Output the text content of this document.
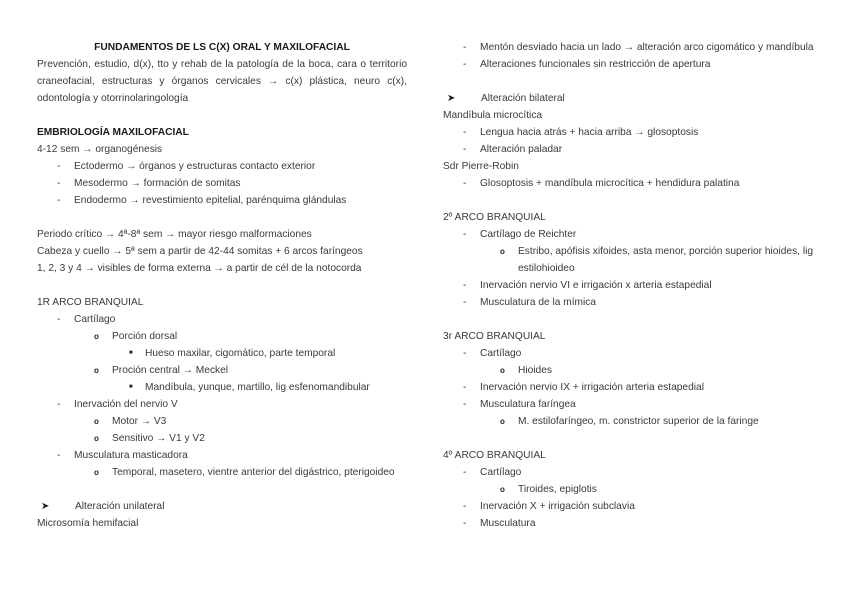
FUNDAMENTOS DE LS C(X) ORAL Y MAXILOFACIAL
Prevención, estudio, d(x), tto y rehab de la patología de la boca, cara o territorio craneofacial, estructuras y órganos cervicales → c(x) plástica, neuro c(x), odontología y otorrinolaringología
EMBRIOLOGÍA MAXILOFACIAL
4-12 sem → organogénesis
-	Ectodermo → órganos y estructuras contacto exterior
-	Mesodermo → formación de somitas
-	Endodermo → revestimiento epitelial, parénquima glándulas
Periodo crítico → 4ª-8ª sem → mayor riesgo malformaciones
Cabeza y cuello → 5ª sem a partir de 42-44 somitas + 6 arcos faríngeos
1, 2, 3 y 4 → visibles de forma externa → a partir de cél de la notocorda
1R ARCO BRANQUIAL
-	Cartílago
o	Porción dorsal
■	Hueso maxilar, cigomático, parte temporal
o	Proción central → Meckel
■	Mandíbula, yunque, martillo, lig esfenomandibular
-	Inervación del nervio V
o	Motor → V3
o	Sensitivo → V1 y V2
-	Musculatura masticadora
o	Temporal, masetero, vientre anterior del digástrico, pterigoideo
➤	Alteración unilateral
Microsomía hemifacial
-	Mentón desviado hacia un lado → alteración arco cigomático y mandíbula
-	Alteraciones funcionales sin restricción de apertura
➤	Alteración bilateral
Mandíbula microcítica
-	Lengua hacia atrás + hacia arriba → glosoptosis
-	Alteración paladar
Sdr Pierre-Robin
-	Glosoptosis + mandíbula microcítica + hendidura palatina
2º ARCO BRANQUIAL
-	Cartílago de Reichter
o	Estribo, apófisis xifoides, asta menor, porción superior hioides, lig estilohioideo
-	Inervación nervio VI e irrigación x arteria estapedial
-	Musculatura de la mímica
3r ARCO BRANQUIAL
-	Cartílago
o	Hioides
-	Inervación nervio IX + irrigación arteria estapedial
-	Musculatura faríngea
o	M. estilofaríngeo, m. constrictor superior de la faringe
4º ARCO BRANQUIAL
-	Cartílago
o	Tiroides, epiglotis
-	Inervación X + irrigación subclavia
-	Musculatura
